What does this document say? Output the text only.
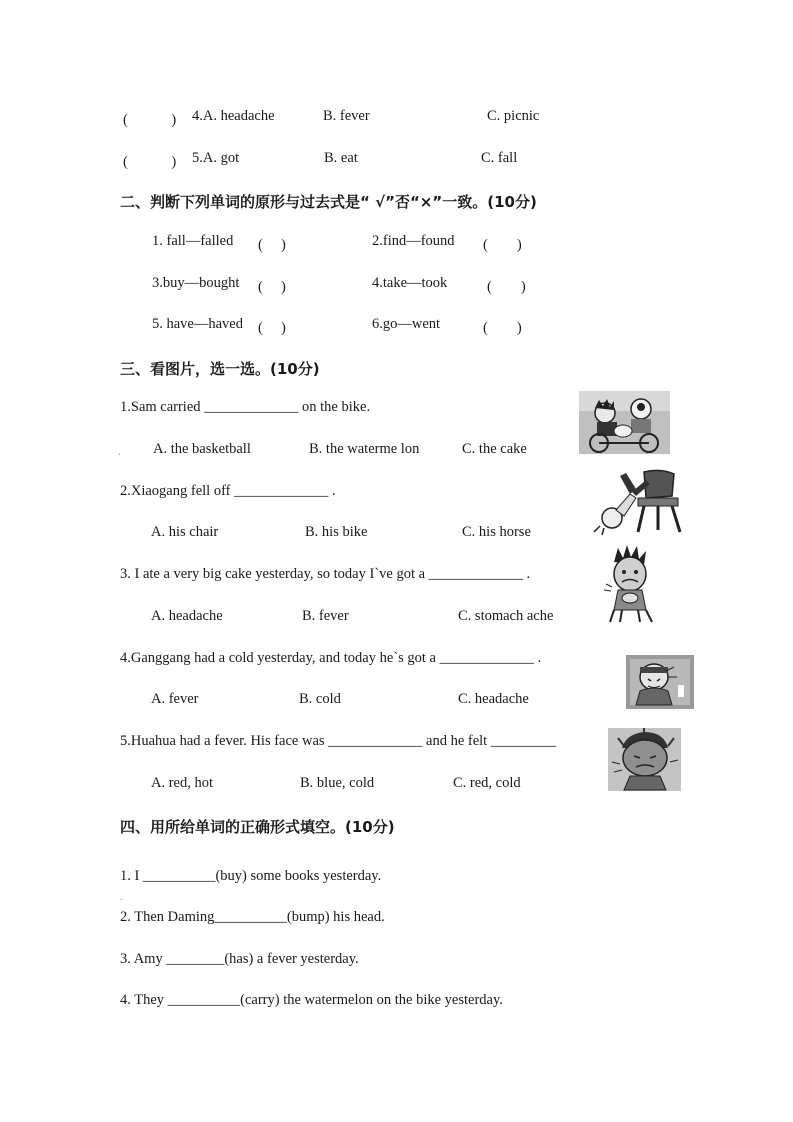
(　　　) 4.A. headache	B. fever	C. picnic
(　　　) 5.A. got	B. eat	C. fall
二、判断下列单词的原形与过去式是“ √”否“×”一致。(10分)
1. fall—falled (　 )	2.find—found (　　)
3.buy—bought (　 )	4.take—took	(　　)
5. have—haved (　 )	6.go—went	(　　)
三、看图片，选一选。(10分)
1.Sam carried _____________ on the bike.
. A. the basketball	B. the waterme lon	C. the cake
2.Xiaogang fell off _____________ .
A. his chair	B. his bike	C. his horse
3. I ate a very big cake yesterday, so today I`ve got a _____________ .
A. headache	B. fever	C. stomach ache
4.Ganggang had a cold yesterday, and today he`s got a _____________ .
A. fever	B. cold	C. headache
5.Huahua had a fever. His face was _____________ and he felt _________
A. red, hot	B. blue, cold	C. red, cold
四、用所给单词的正确形式填空。(10分)
1. I __________(buy) some books yesterday.
.
2. Then Daming__________(bump) his head.
3. Amy ________(has) a fever yesterday.
4. They __________(carry) the watermelon on the bike yesterday.
